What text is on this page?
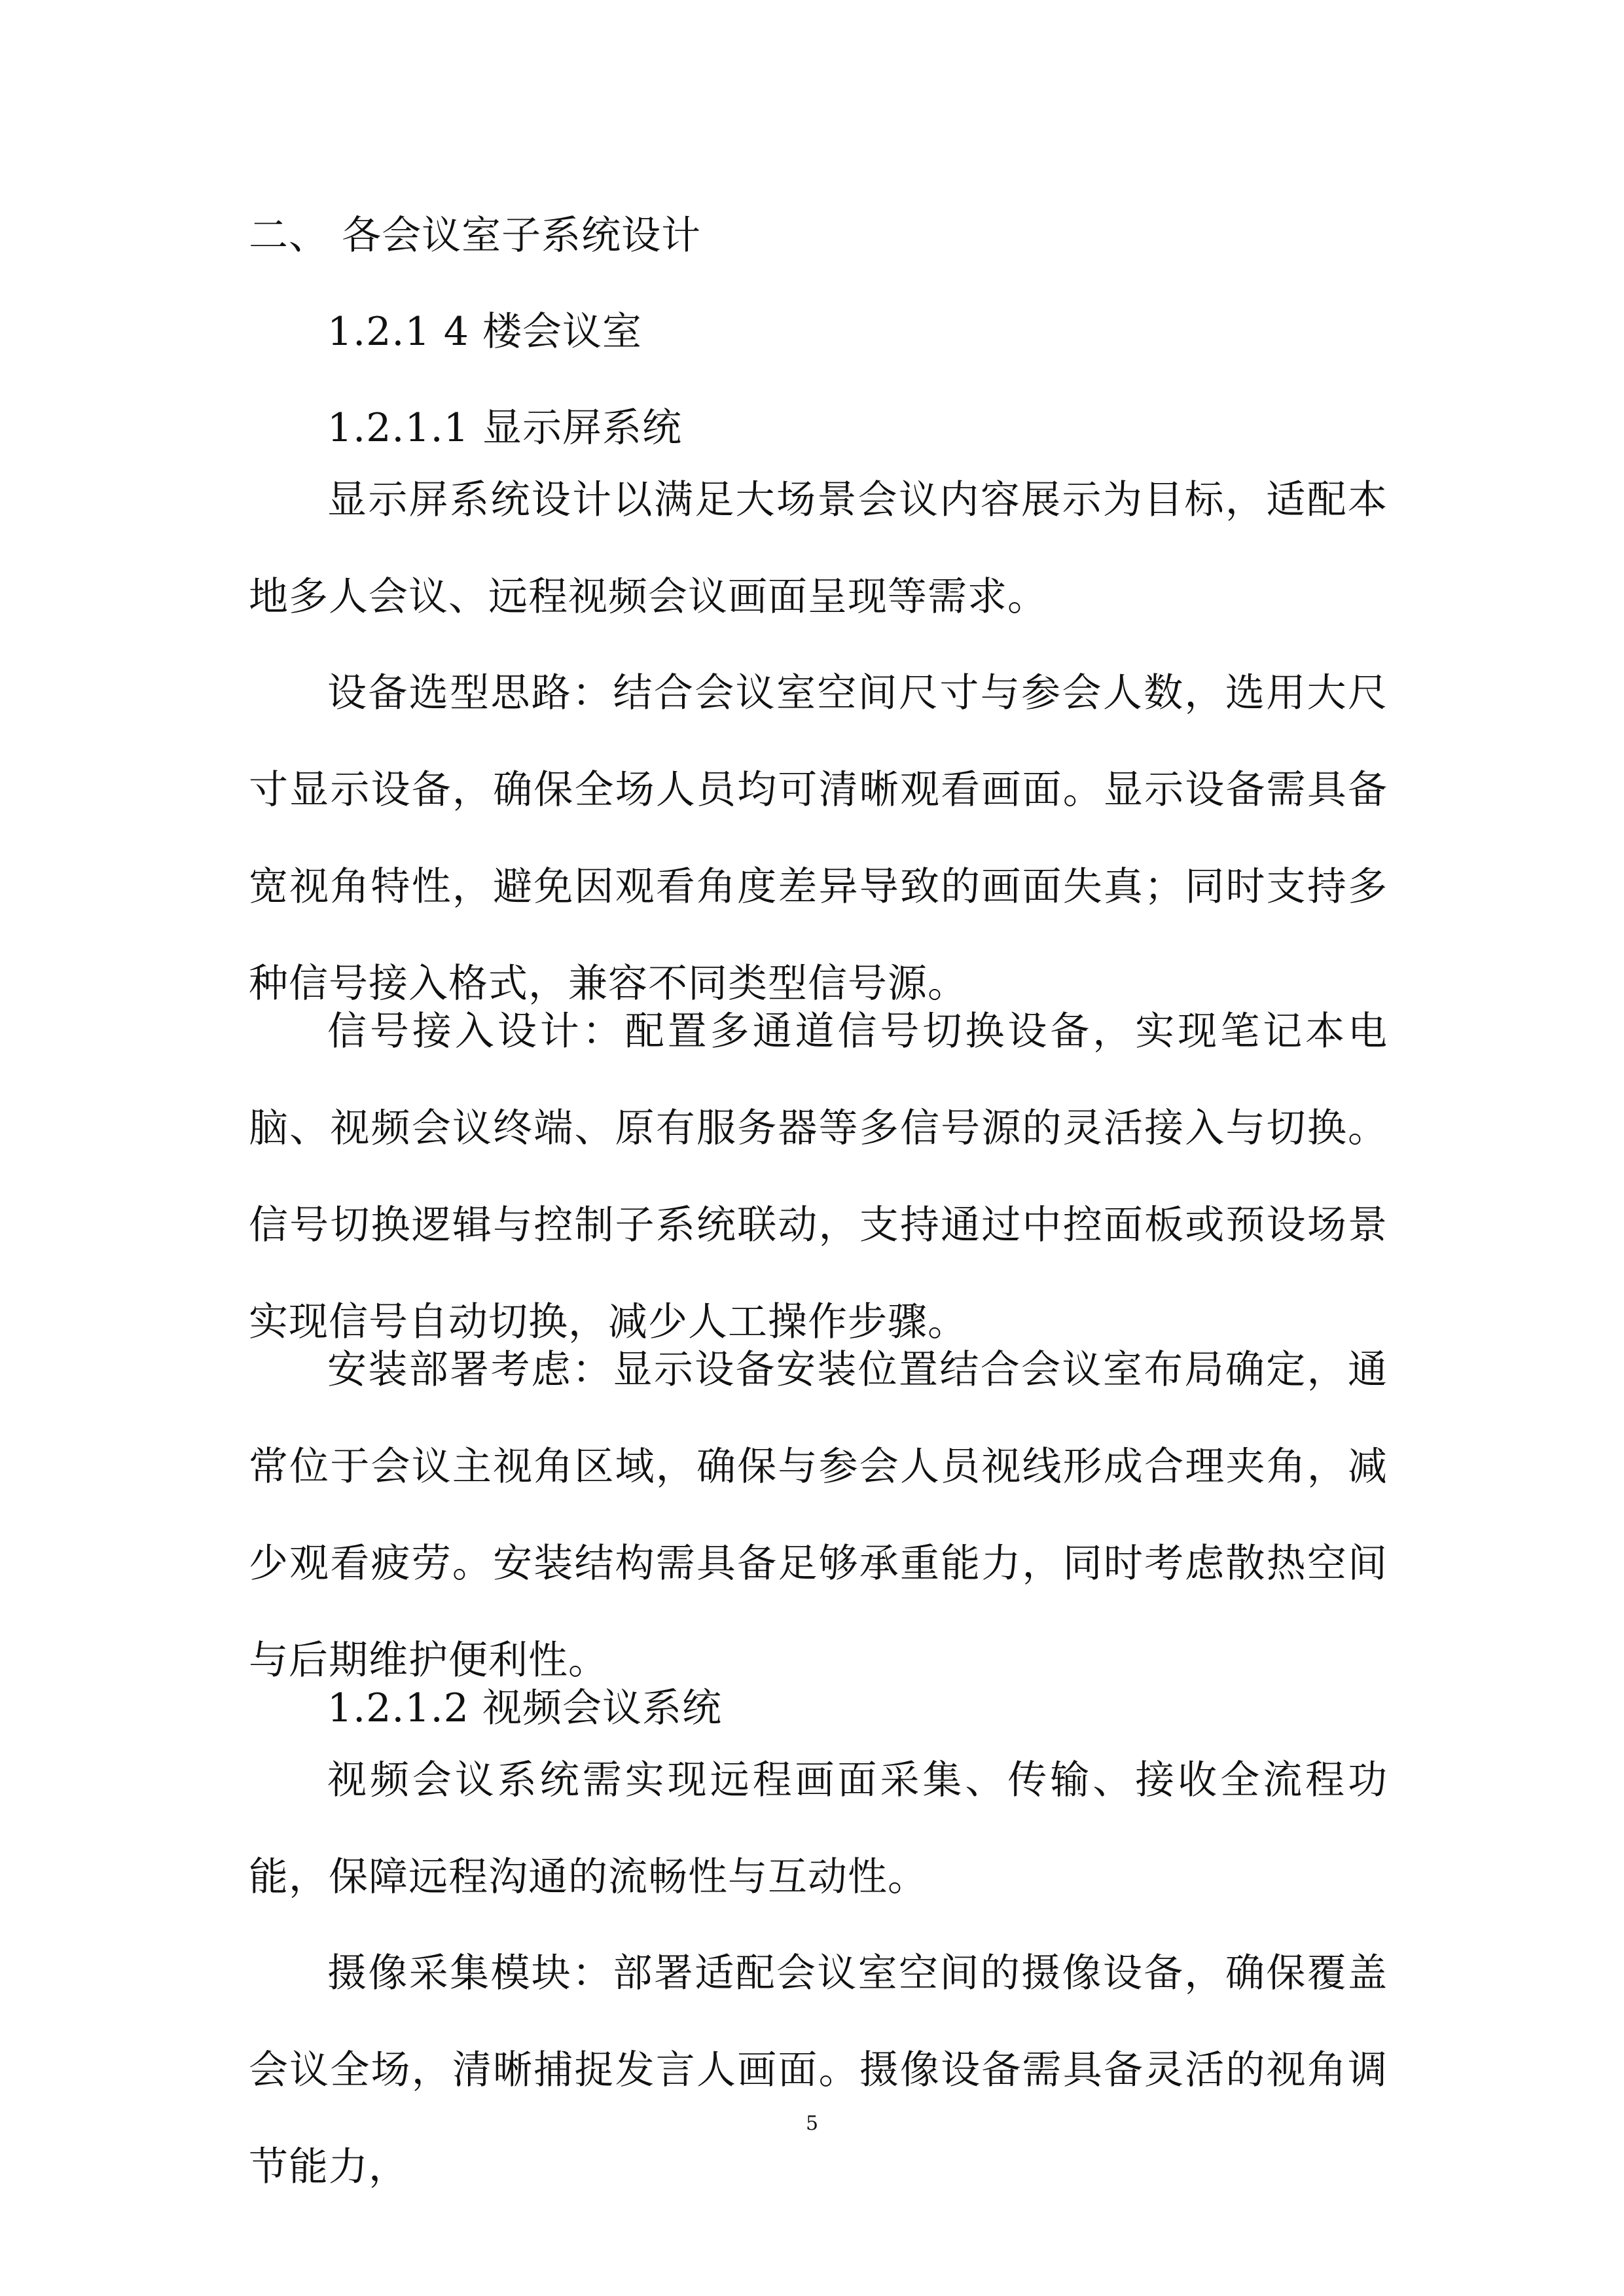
二、 各会议室子系统设计
1.2.1 4 楼会议室
1.2.1.1 显示屏系统
显示屏系统设计以满足大场景会议内容展示为目标，适配本地多人会议、远程视频会议画面呈现等需求。
设备选型思路：结合会议室空间尺寸与参会人数，选用大尺寸显示设备，确保全场人员均可清晰观看画面。显示设备需具备宽视角特性，避免因观看角度差异导致的画面失真；同时支持多种信号接入格式，兼容不同类型信号源。
信号接入设计：配置多通道信号切换设备，实现笔记本电脑、视频会议终端、原有服务器等多信号源的灵活接入与切换。信号切换逻辑与控制子系统联动，支持通过中控面板或预设场景实现信号自动切换，减少人工操作步骤。
安装部署考虑：显示设备安装位置结合会议室布局确定，通常位于会议主视角区域，确保与参会人员视线形成合理夹角，减少观看疲劳。安装结构需具备足够承重能力，同时考虑散热空间与后期维护便利性。
1.2.1.2 视频会议系统
视频会议系统需实现远程画面采集、传输、接收全流程功能，保障远程沟通的流畅性与互动性。
摄像采集模块：部署适配会议室空间的摄像设备，确保覆盖会议全场，清晰捕捉发言人画面。摄像设备需具备灵活的视角调节能力，
5
